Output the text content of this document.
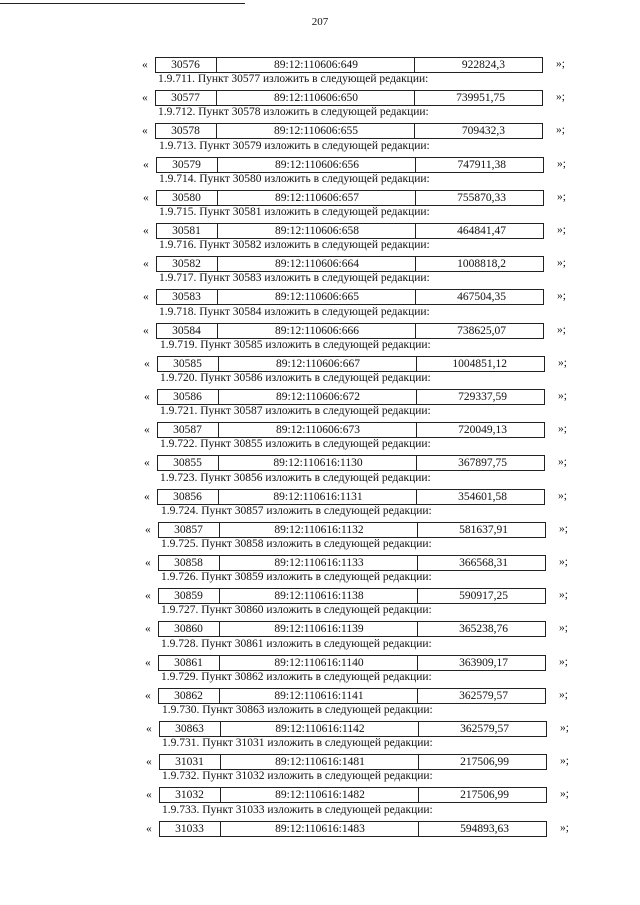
207
«	30576	89:12:110606:649	922824,3	»;
1.9.711. Пункт 30577 изложить в следующей редакции:
«	30577	89:12:110606:650	739951,75	»;
1.9.712. Пункт 30578 изложить в следующей редакции:
«	30578	89:12:110606:655	709432,3	»;
1.9.713. Пункт 30579 изложить в следующей редакции:
«	30579	89:12:110606:656	747911,38	»;
1.9.714. Пункт 30580 изложить в следующей редакции:
«	30580	89:12:110606:657	755870,33	»;
1.9.715. Пункт 30581 изложить в следующей редакции:
«	30581	89:12:110606:658	464841,47	»;
1.9.716. Пункт 30582 изложить в следующей редакции:
«	30582	89:12:110606:664	1008818,2	»;
1.9.717. Пункт 30583 изложить в следующей редакции:
«	30583	89:12:110606:665	467504,35	»;
1.9.718. Пункт 30584 изложить в следующей редакции:
«	30584	89:12:110606:666	738625,07	»;
1.9.719. Пункт 30585 изложить в следующей редакции:
«	30585	89:12:110606:667	1004851,12	»;
1.9.720. Пункт 30586 изложить в следующей редакции:
«	30586	89:12:110606:672	729337,59	»;
1.9.721. Пункт 30587 изложить в следующей редакции:
«	30587	89:12:110606:673	720049,13	»;
1.9.722. Пункт 30855 изложить в следующей редакции:
«	30855	89:12:110616:1130	367897,75	»;
1.9.723. Пункт 30856 изложить в следующей редакции:
«	30856	89:12:110616:1131	354601,58	»;
1.9.724. Пункт 30857 изложить в следующей редакции:
«	30857	89:12:110616:1132	581637,91	»;
1.9.725. Пункт 30858 изложить в следующей редакции:
«	30858	89:12:110616:1133	366568,31	»;
1.9.726. Пункт 30859 изложить в следующей редакции:
«	30859	89:12:110616:1138	590917,25	»;
1.9.727. Пункт 30860 изложить в следующей редакции:
«	30860	89:12:110616:1139	365238,76	»;
1.9.728. Пункт 30861 изложить в следующей редакции:
«	30861	89:12:110616:1140	363909,17	»;
1.9.729. Пункт 30862 изложить в следующей редакции:
«	30862	89:12:110616:1141	362579,57	»;
1.9.730. Пункт 30863 изложить в следующей редакции:
«	30863	89:12:110616:1142	362579,57	»;
1.9.731. Пункт 31031 изложить в следующей редакции:
«	31031	89:12:110616:1481	217506,99	»;
1.9.732. Пункт 31032 изложить в следующей редакции:
«	31032	89:12:110616:1482	217506,99	»;
1.9.733. Пункт 31033 изложить в следующей редакции:
«	31033	89:12:110616:1483	594893,63	»;
